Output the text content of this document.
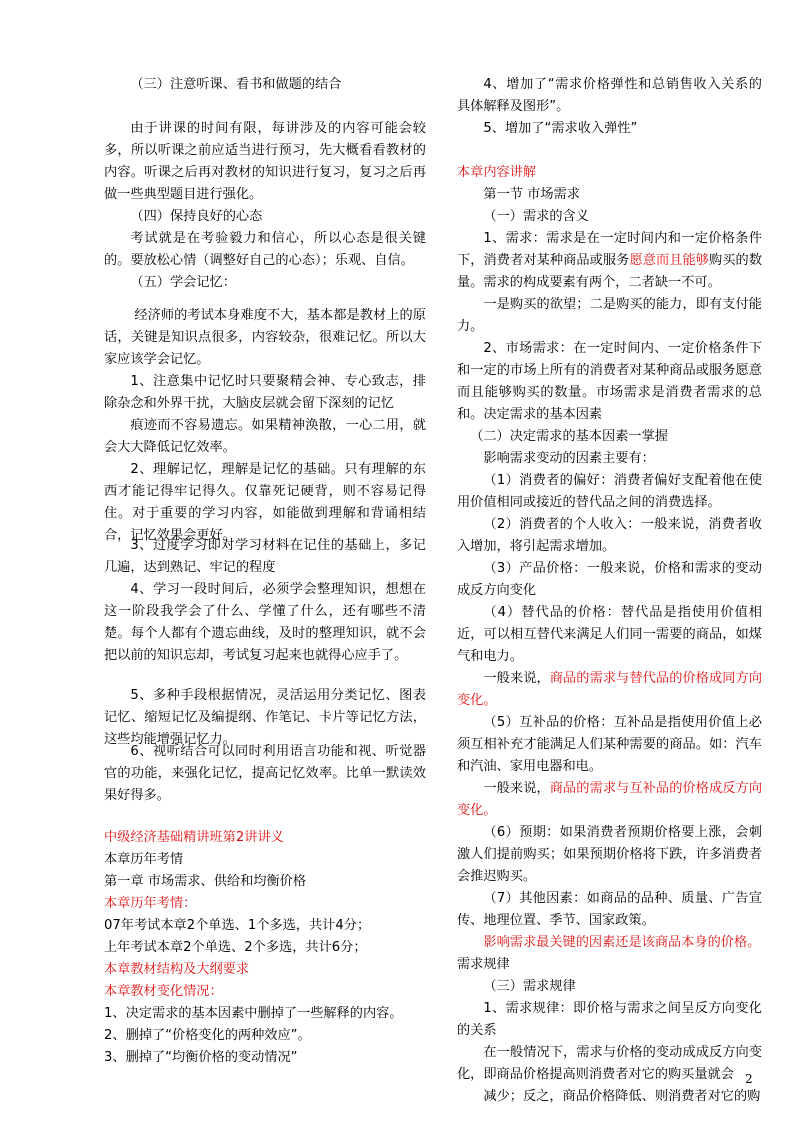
（三）注意听课、看书和做题的结合
由于讲课的时间有限，每讲涉及的内容可能会较多，所以听课之前应适当进行预习，先大概看看教材的内容。听课之后再对教材的知识进行复习，复习之后再做一些典型题目进行强化。
（四）保持良好的心态
考试就是在考验毅力和信心，所以心态是很关键的。要放松心情（调整好自己的心态）；乐观、自信。
（五）学会记忆：
经济师的考试本身难度不大，基本都是教材上的原话，关键是知识点很多，内容较杂，很难记忆。所以大家应该学会记忆。
1、注意集中记忆时只要聚精会神、专心致志，排除杂念和外界干扰，大脑皮层就会留下深刻的记忆
痕迹而不容易遗忘。如果精神涣散，一心二用，就会大大降低记忆效率。
2、理解记忆，理解是记忆的基础。只有理解的东西才能记得牢记得久。仅靠死记硬背，则不容易记得住。对于重要的学习内容，如能做到理解和背诵相结合，记忆效果会更好。
3、过度学习即对学习材料在记住的基础上，多记几遍，达到熟记、牢记的程度
4、学习一段时间后，必须学会整理知识，想想在这一阶段我学会了什么、学懂了什么，还有哪些不清楚。每个人都有个遗忘曲线，及时的整理知识，就不会把以前的知识忘却，考试复习起来也就得心应手了。
5、多种手段根据情况，灵活运用分类记忆、图表记忆、缩短记忆及编提纲、作笔记、卡片等记忆方法，这些均能增强记忆力。
6、视听结合可以同时利用语言功能和视、听觉器官的功能，来强化记忆，提高记忆效率。比单一默读效果好得多。
中级经济基础精讲班第2讲讲义
本章历年考情
第一章 市场需求、供给和均衡价格
本章历年考情：
07年考试本章2个单选、1个多选，共计4分；
上年考试本章2个单选、2个多选，共计6分；
本章教材结构及大纲要求
本章教材变化情况：
1、决定需求的基本因素中删掉了一些解释的内容。
2、删掉了“价格变化的两种效应”。
3、删掉了“均衡价格的变动情况”
4、增加了“需求价格弹性和总销售收入关系的具体解释及图形”。
5、增加了“需求收入弹性”
本章内容讲解
第一节 市场需求
（一）需求的含义
1、需求：需求是在一定时间内和一定价格条件下，消费者对某种商品或服务愿意而且能够购买的数量。 需求的构成要素有两个，二者缺一不可。
一是购买的欲望；二是购买的能力，即有支付能力。
2、市场需求：在一定时间内、一定价格条件下和一定的市场上所有的消费者对某种商品或服务愿意而且能够购买的数量。市场需求是消费者需求的总和。 决定需求的基本因素
（二）决定需求的基本因素一掌握
影响需求变动的因素主要有：
（1）消费者的偏好：消费者偏好支配着他在使用价值相同或接近的替代品之间的消费选择。
（2）消费者的个人收入：一般来说，消费者收入增加，将引起需求增加。
（3）产品价格：一般来说，价格和需求的变动成反方向变化
（4）替代品的价格：替代品是指使用价值相近，可以相互替代来满足人们同一需要的商品，如煤气和电力。
一般来说，商品的需求与替代品的价格成同方向变化。
（5）互补品的价格：互补品是指使用价值上必须互相补充才能满足人们某种需要的商品。如：汽车和汽油、家用电器和电。
一般来说，商品的需求与互补品的价格成反方向变化。
（6）预期：如果消费者预期价格要上涨，会刺激人们提前购买；如果预期价格将下跌，许多消费者会推迟购买。
（7）其他因素：如商品的品种、质量、广告宣传、地理位置、季节、国家政策。
影响需求最关键的因素还是该商品本身的价格。
需求规律
（三）需求规律
1、需求规律：即价格与需求之间呈反方向变化的关系
在一般情况下，需求与价格的变动成成反方向变化，即商品价格提高则消费者对它的购买量就会
减少；反之，商品价格降低、则消费者对它的购
2
